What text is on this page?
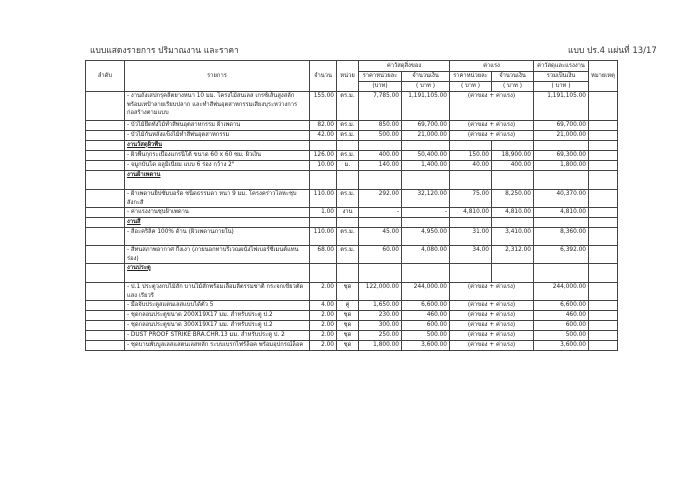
แบบแสดงรายการ ปริมาณงาน และราคา	แบบ ปร.4 แผ่นที่ 13/17
ลำดับ	รายการ	จำนวน	หน่วย	ค่าวัสดุสิ่งของ		ค่าแรง		ค่าวัสดุและแรงงาน	หมายเหตุ
				ราคาหน่วยละ	จำนวนเงิน	ราคาหน่วยละ	จำนวนเงิน	รวมเป็นเงิน	
				(บาท)	( บาท )	( บาท )	( บาท )	( บาท )	
	- งานถังเสปกรุคลีตยางหนา 10 มม. โครงไม้สนเลส เกรซ์เส้นสูงสลัก พร้อมเทป้าลายเรียบปลาก และทำสีพ่นอุตสาหกรรมเสียงบุระหว่างการก่อสร้างตามแบบ	155.00	ตร.ม.	7,785.00	1,191,105.00	(ค่าของ + ค่าแรง)		1,191,105.00	
	- บัวไม้ยึดทั้งไม้ทำสีพ่นอุตสาหกรรม ฝ้าเพดาน	82.00	ตร.ม.	850.00	69,700.00	(ค่าของ + ค่าแรง)		69,700.00	
	- บัวไม้กันหลังแข็งไม้ทำสีพ่นอุตสาหกรรม	42.00	ตร.ม.	500.00	21,000.00	(ค่าของ + ค่าแรง)		21,000.00	
	งานวัสดุผิวพื้น								
	- ผิวพื้นกุกระเบื้องแกรนิโต้ ขนาด 60 x 60 ซม. ผิวเงิน	126.00	ตร.ม.	400.00	50,400.00	150.00	18,900.00	69,300.00	
	- จมูกบันได อลูมิเนียม แบบ 6 ร่อง กว้าง 2"	10.00	ม.	140.00	1,400.00	40.00	400.00	1,800.00	
	งานฝ้าเพดาน								
	- ฝ้าเพดานยิปซัมบอร์ด ชนิดธรรมดา หนา 9 มม. โครงคร่าวโลหะชุบสังกะสี	110.00	ตร.ม.	292.00	32,120.00	75.00	8,250.00	40,370.00	
	- ค่าแรงงานชุบฝ้าเพดาน	1.00	งาน	-	-	4,810.00	4,810.00	4,810.00	
	งานสี								
	- สีอะคริลิค 100% ด้าน (ผิวเพดานภายใน)	110.00	ตร.ม.	45.00	4,950.00	31.00	3,410.00	8,360.00	
	- สีทนสภาพอากาศ กึ่งเงา (ภายนอกทาบริเวณผนังไฟเบอร์ซีเมนต์แทนร่อง)	68.00	ตร.ม.	60.00	4,080.00	34.00	2,312.00	6,392.00	
	งานประตู								
	- ป.1 ประตูวงกบไม้สัก บานไม้สักพร้อมเลื่อมลีตรรมชาติ กระจกเขียวตัดแสง เรียวรี	2.00	ชุด	122,000.00	244,000.00	(ค่าของ + ค่าแรง)		244,000.00	
	- มือจับประตูสแตนเลสแบบได้ตัว 5	4.00	คู่	1,650.00	6,600.00	(ค่าของ + ค่าแรง)		6,600.00	
	- ชุดกลอนประตูขนาด 200X19X17 มม. สำหรับประตู ป.2	2.00	ชุด	230.00	460.00	(ค่าของ + ค่าแรง)		460.00	
	- ชุดกลอนประตูขนาด 300X19X17 มม. สำหรับประตู ป.2	2.00	ชุด	300.00	600.00	(ค่าของ + ค่าแรง)		600.00	
	- DUST PROOF STRIKE BRA.CHR.13 มม. สำหรับประตู ป. 2	2.00	ชุด	250.00	500.00	(ค่าของ + ค่าแรง)		500.00	
	- ชุดบานพับบูลเลสแสตนเลสหลัก ระบบเบรกไฟร์ล็อค พร้อมอุปกรณ์ล็อค	2.00	ชุด	1,800.00	3,600.00	(ค่าของ + ค่าแรง)		3,600.00	
